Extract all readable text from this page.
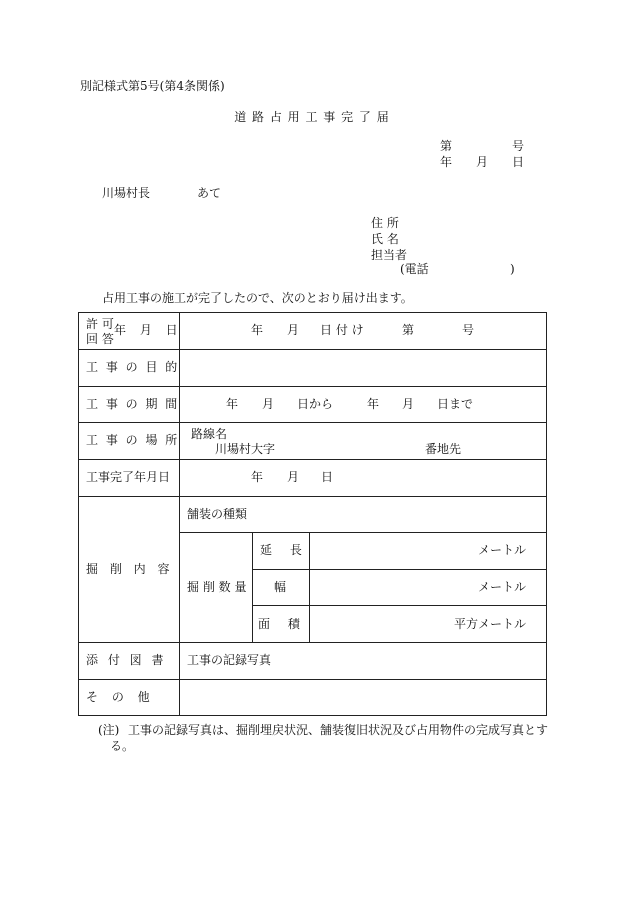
別記様式第5号(第4条関係)
道 路 占 用 工 事 完 了 届
第	号
年 月 日
川場村長	あて
住 所
氏 名
担当者
(電話	)
占用工事の施工が完了したので、次のとおり届け出ます。
許 可
回 答
年 月 日	年 月 日 付 け	第	号
工 事 の 目 的
工 事 の 期 間	年 月 日から	年 月 日まで
工 事 の 場 所 路線名
川場村大字	番地先
工事完了年月日	年 月 日
掘 削 内 容
舗装の種類
掘 削 数 量
延 長	メートル
幅	メートル
面 積	平方メートル
添 付 図 書 工事の記録写真
そ の 他
(注) 工事の記録写真は、掘削埋戻状況、舗装復旧状況及び占用物件の完成写真とす
る。
